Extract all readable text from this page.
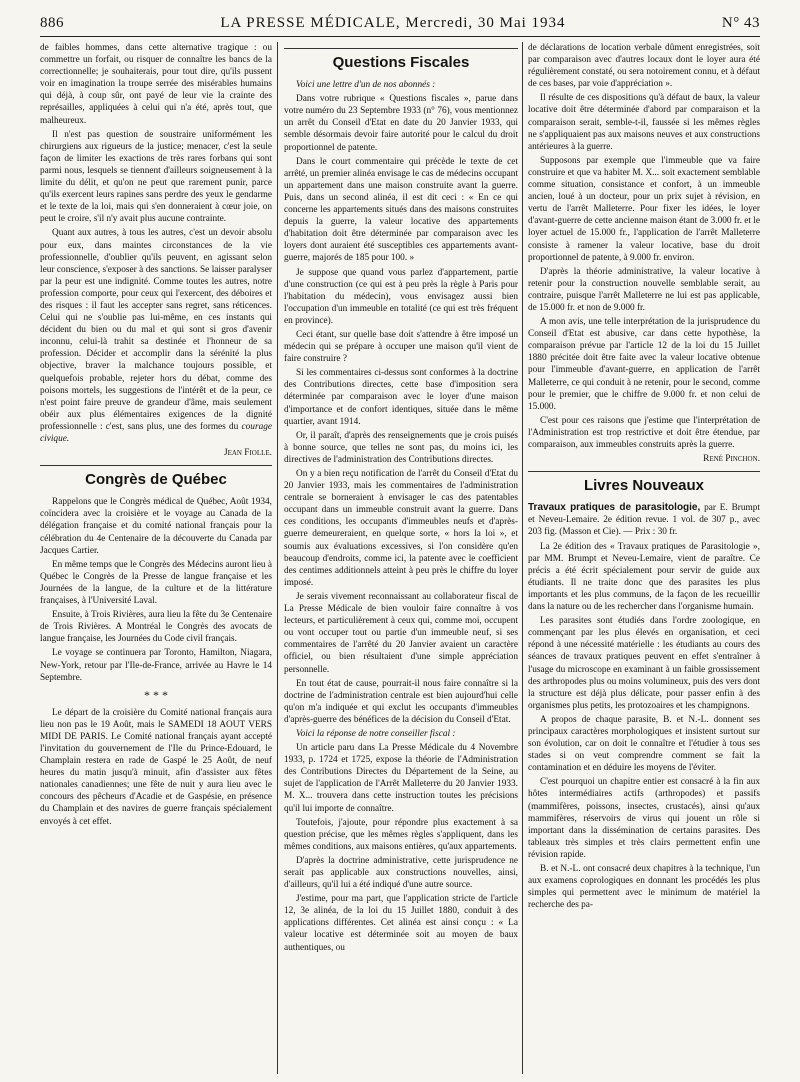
886	LA PRESSE MÉDICALE, Mercredi, 30 Mai 1934	N° 43

de faibles hommes, dans cette alternative tragique : ou commettre un forfait, ou risquer de connaître les bancs de la correctionnelle; je souhaiterais, pour tout dire, qu'ils pussent voir en imagination la troupe serrée des misérables humains qui déjà, à coup sûr, ont payé de leur vie la crainte des représailles, appliquées à celui qui n'a été, après tout, que malheureux.

Il n'est pas question de soustraire uniformément les chirurgiens aux rigueurs de la justice; menacer, c'est la seule façon de limiter les exactions de très rares forbans qui sont parmi nous, lesquels se tiennent d'ailleurs soigneusement à la limite du délit, et qu'on ne peut que rarement punir, parce qu'ils exercent leurs rapines sans perdre des yeux le gendarme et le texte de la loi, mais qui s'en donneraient à cœur joie, on peut le croire, s'il n'y avait plus aucune contrainte.

Quant aux autres, à tous les autres, c'est un devoir absolu pour eux, dans maintes circonstances de la vie professionnelle, d'oublier qu'ils peuvent, en agissant selon leur conscience, s'exposer à des sanctions. Se laisser paralyser par la peur est une indignité. Comme toutes les autres, notre profession comporte, pour ceux qui l'exercent, des déboires et des risques : il faut les accepter sans regret, sans réticences. Celui qui ne s'oublie pas lui-même, en ces instants qui décident du bien ou du mal et qui sont si gros d'avenir inconnu, celui-là trahit sa destinée et l'honneur de sa profession. Décider et accomplir dans la sérénité la plus objective, braver la malchance toujours possible, et quelquefois probable, rejeter hors du débat, comme des poisons mortels, les suggestions de l'intérêt et de la peur, ce n'est point faire preuve de grandeur d'âme, mais seulement obéir aux plus élémentaires exigences de la dignité professionnelle : c'est, sans plus, une des formes du courage civique.

Jean Fiolle.
Congrès de Québec

Rappelons que le Congrès médical de Québec, Août 1934, coïncidera avec la croisière et le voyage au Canada de la délégation française et du comité national français pour la célébration du 4e Centenaire de la découverte du Canada par Jacques Cartier.

En même temps que le Congrès des Médecins auront lieu à Québec le Congrès de la Presse de langue française et les Journées de la langue, de la culture et de la littérature françaises, à l'Université Laval.

Ensuite, à Trois Rivières, aura lieu la fête du 3e Centenaire de Trois Rivières. A Montréal le Congrès des avocats de langue française, les Journées du Code civil français.

Le voyage se continuera par Toronto, Hamilton, Niagara, New-York, retour par l'Ile-de-France, arrivée au Havre le 14 Septembre.

* * *

Le départ de la croisière du Comité national français aura lieu non pas le 19 Août, mais le SAMEDI 18 AOUT VERS MIDI DE PARIS. Le Comité national français ayant accepté l'invitation du gouvernement de l'Ile du Prince-Edouard, le Champlain restera en rade de Gaspé le 25 Août, de neuf heures du matin jusqu'à minuit, afin d'assister aux fêtes nationales canadiennes; une fête de nuit y aura lieu avec le concours des pêcheurs d'Acadie et de Gaspésie, en présence du Champlain et des navires de guerre français spécialement envoyés à cet effet.

Questions Fiscales

Voici une lettre d'un de nos abonnés :

Dans votre rubrique « Questions fiscales », parue dans votre numéro du 23 Septembre 1933 (n° 76), vous mentionnez un arrêt du Conseil d'Etat en date du 20 Janvier 1933, qui semble désormais devoir faire autorité pour le calcul du droit proportionnel de patente.

Dans le court commentaire qui précède le texte de cet arrêté, un premier alinéa envisage le cas de médecins occupant un appartement dans une maison construite avant la guerre. Puis, dans un second alinéa, il est dit ceci : « En ce qui concerne les appartements situés dans des maisons construites depuis la guerre, la valeur locative des appartements d'habitation doit être déterminée par comparaison avec les loyers dont auraient été susceptibles ces appartements avant-guerre, majorés de 185 pour 100. »

Je suppose que quand vous parlez d'appartement, partie d'une construction (ce qui est à peu près la règle à Paris pour l'habitation du médecin), vous envisagez aussi bien l'occupation d'un immeuble en totalité (ce qui est très fréquent en province).

Ceci étant, sur quelle base doit s'attendre à être imposé un médecin qui se prépare à occuper une maison qu'il vient de faire construire ?

Si les commentaires ci-dessus sont conformes à la doctrine des Contributions directes, cette base d'imposition sera déterminée par comparaison avec le loyer d'une maison d'importance et de confort identiques, située dans le même quartier, avant 1914.

Or, il paraît, d'après des renseignements que je crois puisés à bonne source, que telles ne sont pas, du moins ici, les directives de l'administration des Contributions directes.

On y a bien reçu notification de l'arrêt du Conseil d'Etat du 20 Janvier 1933, mais les commentaires de l'administration centrale se borneraient à envisager le cas des patentables occupant dans un immeuble construit avant la guerre. Dans ces conditions, les occupants d'immeubles neufs et d'après-guerre demeureraient, en quelque sorte, « hors la loi », et soumis aux évaluations excessives, si l'on considère qu'en beaucoup d'endroits, comme ici, la patente avec le coefficient des centimes additionnels atteint à peu près le chiffre du loyer imposé.

Je serais vivement reconnaissant au collaborateur fiscal de La Presse Médicale de bien vouloir faire connaître à vos lecteurs, et particulièrement à ceux qui, comme moi, occupent ou vont occuper tout ou partie d'un immeuble neuf, si ses commentaires de l'arrêté du 20 Janvier avaient un caractère officiel, ou bien résultaient d'une simple appréciation personnelle.

En tout état de cause, pourrait-il nous faire connaître si la doctrine de l'administration centrale est bien aujourd'hui celle qu'on m'a indiquée et qui exclut les occupants d'immeubles d'après-guerre des bénéfices de la décision du Conseil d'Etat.

Voici la réponse de notre conseiller fiscal :

Un article paru dans La Presse Médicale du 4 Novembre 1933, p. 1724 et 1725, expose la théorie de l'Administration des Contributions Directes du Département de la Seine, au sujet de l'application de l'Arrêt Malleterre du 20 Janvier 1933. M. X... trouvera dans cette instruction toutes les précisions qu'il lui importe de connaître.

Toutefois, j'ajoute, pour répondre plus exactement à sa question précise, que les mêmes règles s'appliquent, dans les mêmes conditions, aux maisons entières, qu'aux appartements.

D'après la doctrine administrative, cette jurisprudence ne serait pas applicable aux constructions nouvelles, ainsi, d'ailleurs, qu'il lui a été indiqué d'une autre source.

J'estime, pour ma part, que l'application stricte de l'article 12, 3e alinéa, de la loi du 15 Juillet 1880, conduit à des applications différentes. Cet alinéa est ainsi conçu : « La valeur locative est déterminée soit au moyen de baux authentiques, ou

de déclarations de location verbale dûment enregistrées, soit par comparaison avec d'autres locaux dont le loyer aura été régulièrement constaté, ou sera notoirement connu, et à défaut de ces bases, par voie d'appréciation ».

Il résulte de ces dispositions qu'à défaut de baux, la valeur locative doit être déterminée d'abord par comparaison et la comparaison serait, semble-t-il, faussée si les mêmes règles ne s'appliquaient pas aux maisons neuves et aux constructions antérieures à la guerre.

Supposons par exemple que l'immeuble que va faire construire et que va habiter M. X... soit exactement semblable comme situation, consistance et confort, à un immeuble ancien, loué à un docteur, pour un prix sujet à révision, en vertu de l'arrêt Malleterre. Pour fixer les idées, le loyer d'avant-guerre de cette ancienne maison étant de 3.000 fr. et le loyer actuel de 15.000 fr., l'application de l'arrêt Malleterre consiste à ramener la valeur locative, base du droit proportionnel de patente, à 9.000 fr. environ.

D'après la théorie administrative, la valeur locative à retenir pour la construction nouvelle semblable serait, au contraire, puisque l'arrêt Malleterre ne lui est pas applicable, de 15.000 fr. et non de 9.000 fr.

A mon avis, une telle interprétation de la jurisprudence du Conseil d'Etat est abusive, car dans cette hypothèse, la comparaison prévue par l'article 12 de la loi du 15 Juillet 1880 précitée doit être faite avec la valeur locative obtenue pour l'immeuble d'avant-guerre, en application de l'arrêt Malleterre, ce qui conduit à ne retenir, pour le second, comme pour le premier, que le chiffre de 9.000 fr. et non celui de 15.000.

C'est pour ces raisons que j'estime que l'interprétation de l'Administration est trop restrictive et doit être étendue, par comparaison, aux immeubles construits après la guerre.

René Pinchon.
Livres Nouveaux

Travaux pratiques de parasitologie, par E. Brumpt et Neveu-Lemaire. 2e édition revue. 1 vol. de 307 p., avec 203 fig. (Masson et Cie). — Prix : 30 fr.

La 2e édition des « Travaux pratiques de Parasitologie », par MM. Brumpt et Neveu-Lemaire, vient de paraître. Ce précis a été écrit spécialement pour servir de guide aux étudiants. Il ne traite donc que des parasites les plus importants et les plus communs, de la façon de les recueillir dans la nature ou de les rechercher dans l'organisme humain.

Les parasites sont étudiés dans l'ordre zoologique, en commençant par les plus élevés en organisation, et ceci répond à une nécessité matérielle : les étudiants au cours des séances de travaux pratiques peuvent en effet s'entraîner à l'usage du microscope en examinant à un faible grossissement des arthropodes plus ou moins volumineux, puis des vers dont la structure est déjà plus délicate, pour passer enfin à des organismes plus petits, les protozoaires et les champignons.

A propos de chaque parasite, B. et N.-L. donnent ses principaux caractères morphologiques et insistent surtout sur son évolution, car on doit le connaître et l'étudier à tous ses stades si on veut comprendre comment se fait la contamination et en déduire les moyens de l'éviter.

C'est pourquoi un chapitre entier est consacré à la fin aux hôtes intermédiaires actifs (arthropodes) et passifs (mammifères, poissons, insectes, crustacés), ainsi qu'aux mammifères, réservoirs de virus qui jouent un rôle si important dans la dissémination de certains parasites. Des tableaux très simples et très clairs permettent enfin une révision rapide.

B. et N.-L. ont consacré deux chapitres à la technique, l'un aux examens coprologiques en donnant les procédés les plus simples qui permettent avec le minimum de matériel la recherche des pa-
